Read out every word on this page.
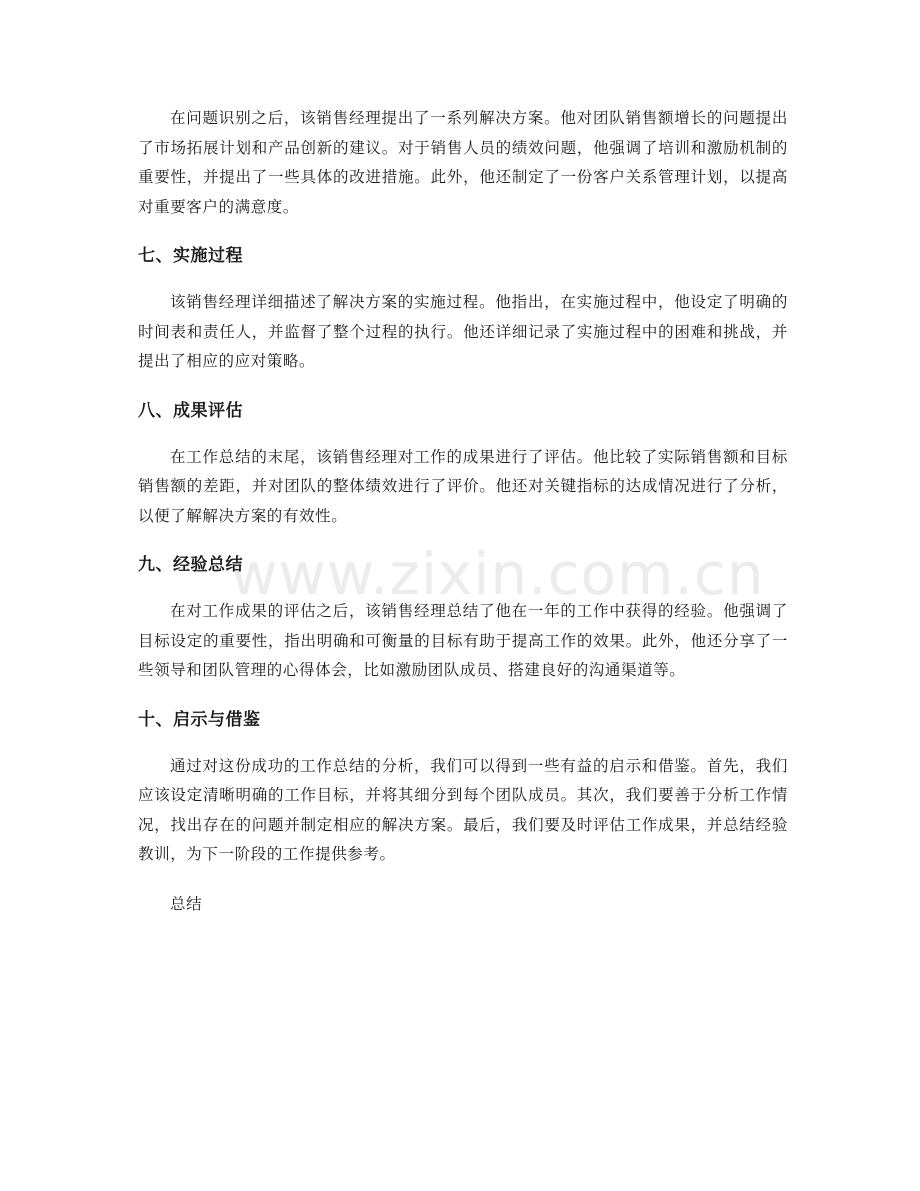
www.zixin.com.cn

在问题识别之后，该销售经理提出了一系列解决方案。他对团队销售额增长的问题提出了市场拓展计划和产品创新的建议。对于销售人员的绩效问题，他强调了培训和激励机制的重要性，并提出了一些具体的改进措施。此外，他还制定了一份客户关系管理计划，以提高对重要客户的满意度。

七、实施过程

该销售经理详细描述了解决方案的实施过程。他指出，在实施过程中，他设定了明确的时间表和责任人，并监督了整个过程的执行。他还详细记录了实施过程中的困难和挑战，并提出了相应的应对策略。

八、成果评估

在工作总结的末尾，该销售经理对工作的成果进行了评估。他比较了实际销售额和目标销售额的差距，并对团队的整体绩效进行了评价。他还对关键指标的达成情况进行了分析，以便了解解决方案的有效性。

九、经验总结

在对工作成果的评估之后，该销售经理总结了他在一年的工作中获得的经验。他强调了目标设定的重要性，指出明确和可衡量的目标有助于提高工作的效果。此外，他还分享了一些领导和团队管理的心得体会，比如激励团队成员、搭建良好的沟通渠道等。

十、启示与借鉴

通过对这份成功的工作总结的分析，我们可以得到一些有益的启示和借鉴。首先，我们应该设定清晰明确的工作目标，并将其细分到每个团队成员。其次，我们要善于分析工作情况，找出存在的问题并制定相应的解决方案。最后，我们要及时评估工作成果，并总结经验教训，为下一阶段的工作提供参考。

总结
